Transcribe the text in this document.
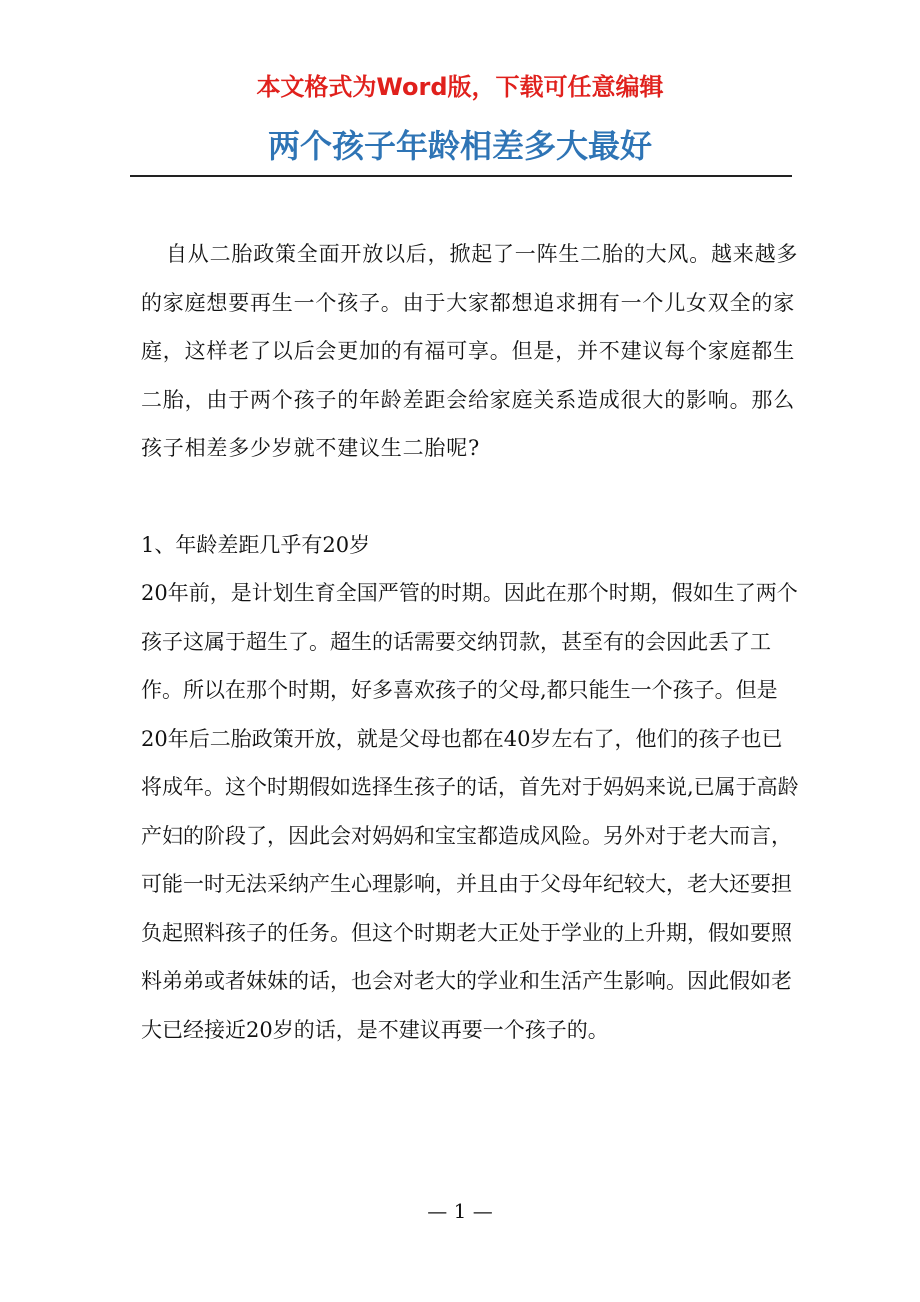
本文格式为Word版，下载可任意编辑
两个孩子年龄相差多大最好

自从二胎政策全面开放以后，掀起了一阵生二胎的大风。越来越多的家庭想要再生一个孩子。由于大家都想追求拥有一个儿女双全的家庭，这样老了以后会更加的有福可享。但是，并不建议每个家庭都生二胎，由于两个孩子的年龄差距会给家庭关系造成很大的影响。那么孩子相差多少岁就不建议生二胎呢?

1、年龄差距几乎有20岁

20年前，是计划生育全国严管的时期。因此在那个时期，假如生了两个孩子这属于超生了。超生的话需要交纳罚款，甚至有的会因此丢了工作。所以在那个时期，好多喜欢孩子的父母,都只能生一个孩子。但是20年后二胎政策开放，就是父母也都在40岁左右了，他们的孩子也已将成年。这个时期假如选择生孩子的话，首先对于妈妈来说,已属于高龄产妇的阶段了，因此会对妈妈和宝宝都造成风险。另外对于老大而言，可能一时无法采纳产生心理影响，并且由于父母年纪较大，老大还要担负起照料孩子的任务。但这个时期老大正处于学业的上升期，假如要照料弟弟或者妹妹的话，也会对老大的学业和生活产生影响。因此假如老大已经接近20岁的话，是不建议再要一个孩子的。

— 1 —
